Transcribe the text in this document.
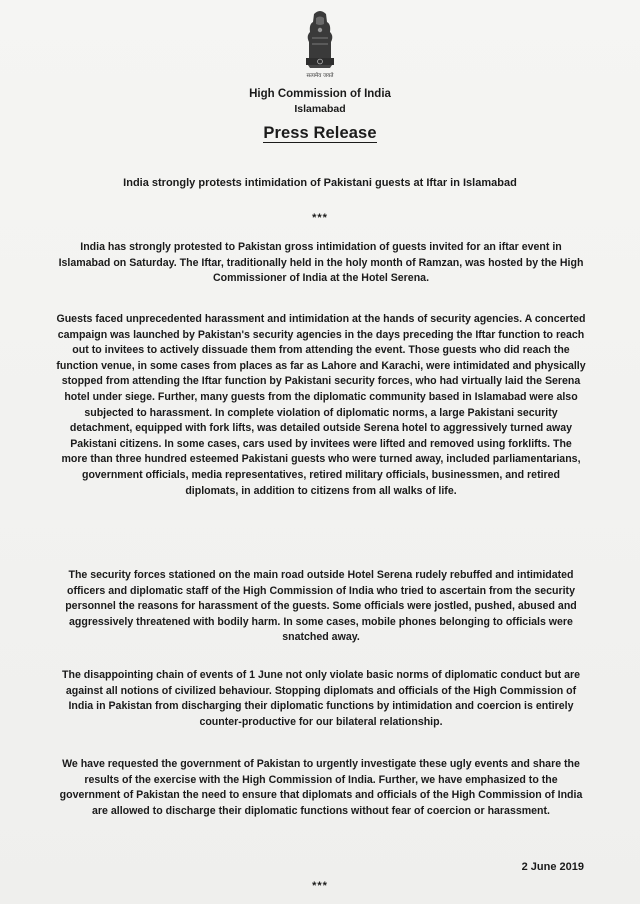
सत्यमेव जयते
High Commission of India
Islamabad
Press Release
India strongly protests intimidation of Pakistani guests at Iftar in Islamabad
***
India has strongly protested to Pakistan gross intimidation of guests invited for an iftar event in Islamabad on Saturday. The Iftar, traditionally held in the holy month of Ramzan, was hosted by the High Commissioner of India at the Hotel Serena.
Guests faced unprecedented harassment and intimidation at the hands of security agencies. A concerted campaign was launched by Pakistan's security agencies in the days preceding the Iftar function to reach out to invitees to actively dissuade them from attending the event. Those guests who did reach the function venue, in some cases from places as far as Lahore and Karachi, were intimidated and physically stopped from attending the Iftar function by Pakistani security forces, who had virtually laid the Serena hotel under siege. Further, many guests from the diplomatic community based in Islamabad were also subjected to harassment. In complete violation of diplomatic norms, a large Pakistani security detachment, equipped with fork lifts, was detailed outside Serena hotel to aggressively turned away Pakistani citizens. In some cases, cars used by invitees were lifted and removed using forklifts. The more than three hundred esteemed Pakistani guests who were turned away, included parliamentarians, government officials, media representatives, retired military officials, businessmen, and retired diplomats, in addition to citizens from all walks of life.
The security forces stationed on the main road outside Hotel Serena rudely rebuffed and intimidated officers and diplomatic staff of the High Commission of India who tried to ascertain from the security personnel the reasons for harassment of the guests. Some officials were jostled, pushed, abused and aggressively threatened with bodily harm. In some cases, mobile phones belonging to officials were snatched away.
The disappointing chain of events of 1 June not only violate basic norms of diplomatic conduct but are against all notions of civilized behaviour. Stopping diplomats and officials of the High Commission of India in Pakistan from discharging their diplomatic functions by intimidation and coercion is entirely counter-productive for our bilateral relationship.
We have requested the government of Pakistan to urgently investigate these ugly events and share the results of the exercise with the High Commission of India. Further, we have emphasized to the government of Pakistan the need to ensure that diplomats and officials of the High Commission of India are allowed to discharge their diplomatic functions without fear of coercion or harassment.
2 June 2019
***
